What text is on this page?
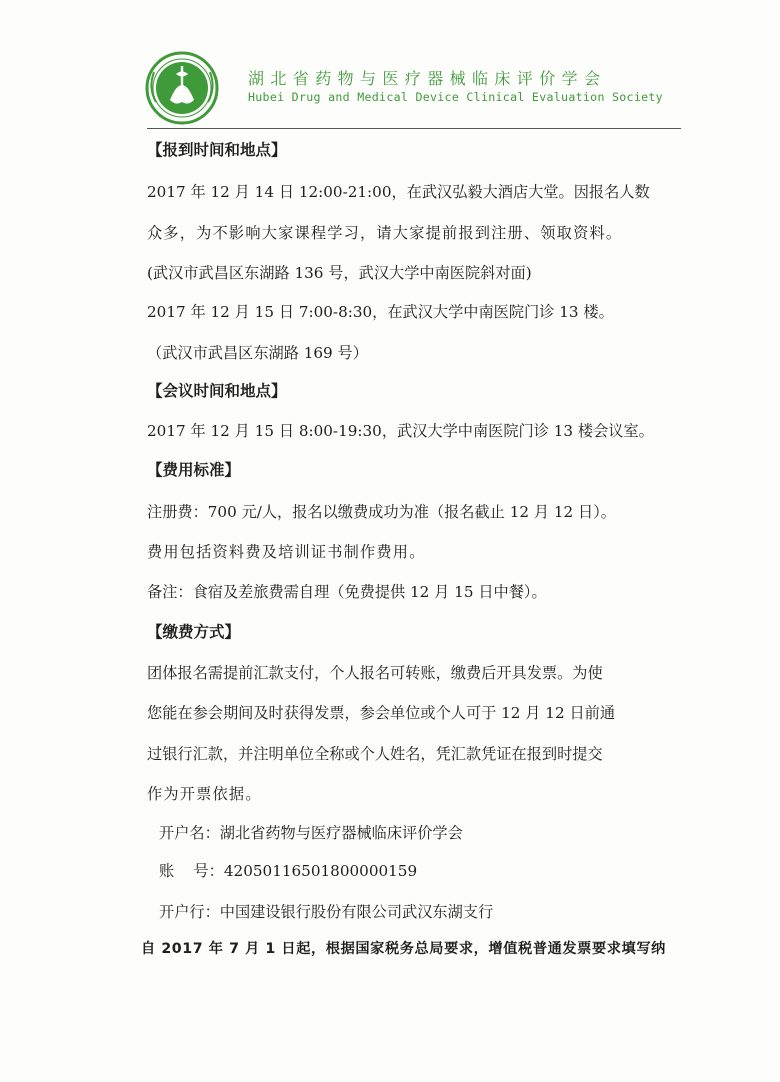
湖北省药物与医疗器械临床评价学会
Hubei Drug and Medical Device Clinical Evaluation Society
【报到时间和地点】
2017 年 12 月 14 日 12:00-21:00，在武汉弘毅大酒店大堂。因报名人数
众多，为不影响大家课程学习，请大家提前报到注册、领取资料。
(武汉市武昌区东湖路 136 号，武汉大学中南医院斜对面)
2017 年 12 月 15 日 7:00-8:30，在武汉大学中南医院门诊 13 楼。
（武汉市武昌区东湖路 169 号）
【会议时间和地点】
2017 年 12 月 15 日 8:00-19:30，武汉大学中南医院门诊 13 楼会议室。
【费用标准】
注册费：700 元/人，报名以缴费成功为准（报名截止 12 月 12 日）。
费用包括资料费及培训证书制作费用。
备注：食宿及差旅费需自理（免费提供 12 月 15 日中餐）。
【缴费方式】
团体报名需提前汇款支付，个人报名可转账，缴费后开具发票。为使
您能在参会期间及时获得发票，参会单位或个人可于 12 月 12 日前通
过银行汇款，并注明单位全称或个人姓名，凭汇款凭证在报到时提交
作为开票依据。
开户名：湖北省药物与医疗器械临床评价学会
账    号：42050116501800000159
开户行：中国建设银行股份有限公司武汉东湖支行
自 2017 年 7 月 1 日起，根据国家税务总局要求，增值税普通发票要求填写纳
